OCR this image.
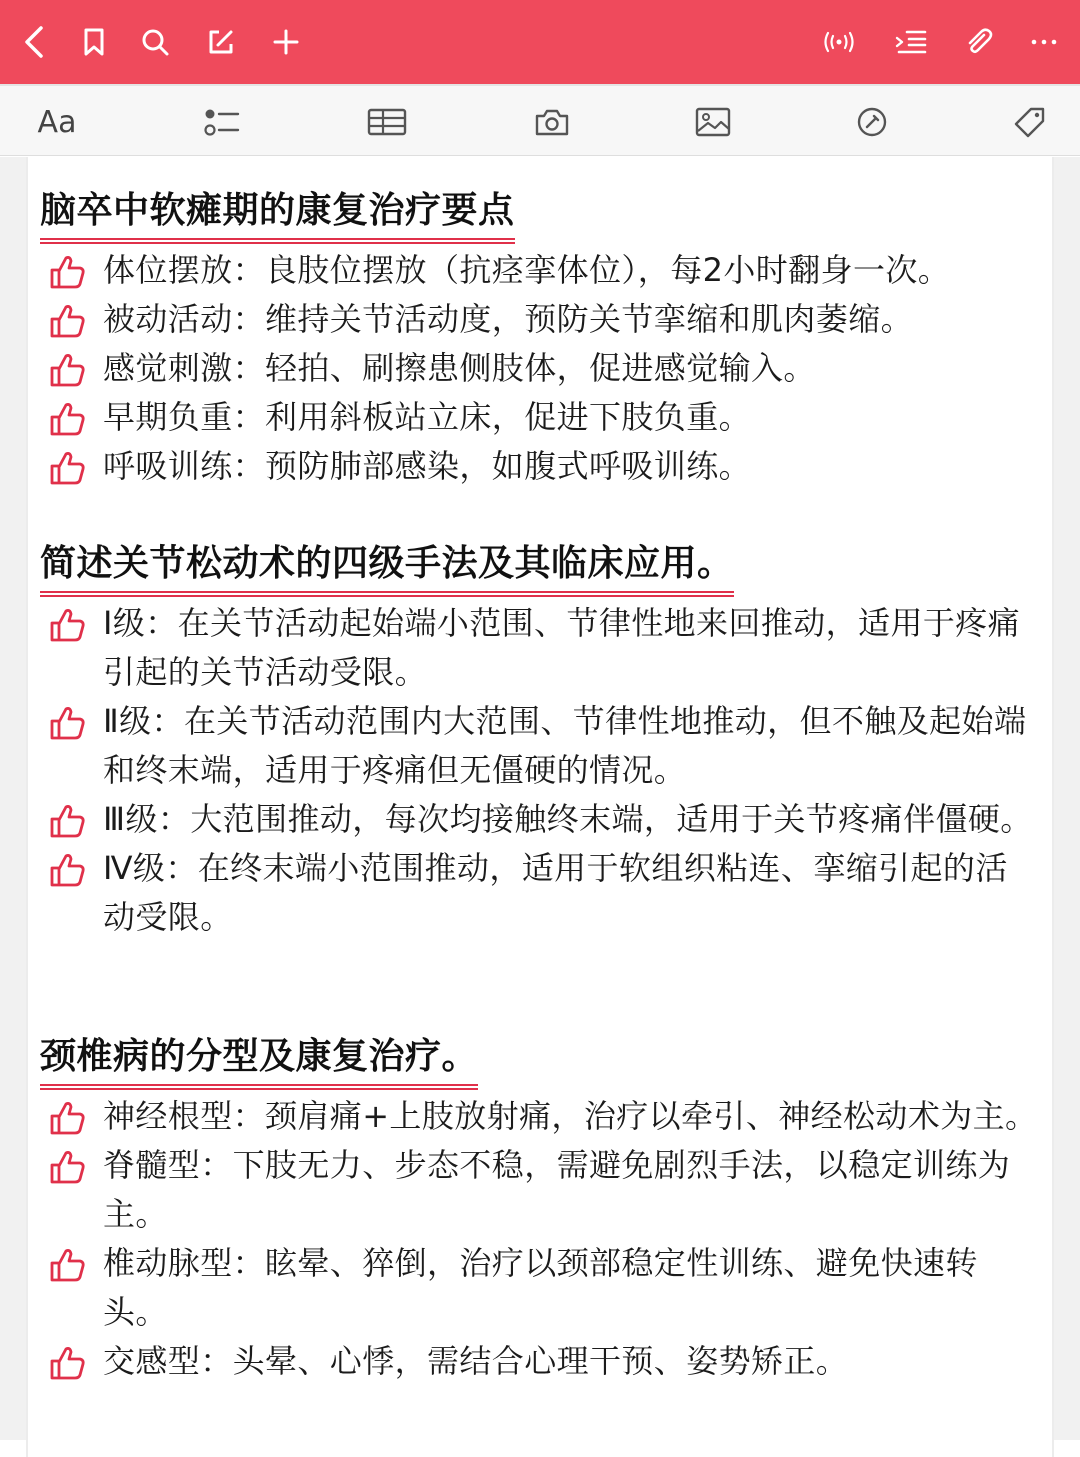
Aa
脑卒中软瘫期的康复治疗要点
体位摆放：良肢位摆放（抗痉挛体位），每2小时翻身一次。
被动活动：维持关节活动度，预防关节挛缩和肌肉萎缩。
感觉刺激：轻拍、刷擦患侧肢体，促进感觉输入。
早期负重：利用斜板站立床，促进下肢负重。
呼吸训练：预防肺部感染，如腹式呼吸训练。
简述关节松动术的四级手法及其临床应用。
Ⅰ级：在关节活动起始端小范围、节律性地来回推动，适用于疼痛引起的关节活动受限。
Ⅱ级：在关节活动范围内大范围、节律性地推动，但不触及起始端和终末端，适用于疼痛但无僵硬的情况。
Ⅲ级：大范围推动，每次均接触终末端，适用于关节疼痛伴僵硬。
Ⅳ级：在终末端小范围推动，适用于软组织粘连、挛缩引起的活动受限。
颈椎病的分型及康复治疗。
神经根型：颈肩痛+上肢放射痛，治疗以牵引、神经松动术为主。
脊髓型：下肢无力、步态不稳，需避免剧烈手法，以稳定训练为主。
椎动脉型：眩晕、猝倒，治疗以颈部稳定性训练、避免快速转头。
交感型：头晕、心悸，需结合心理干预、姿势矫正。
